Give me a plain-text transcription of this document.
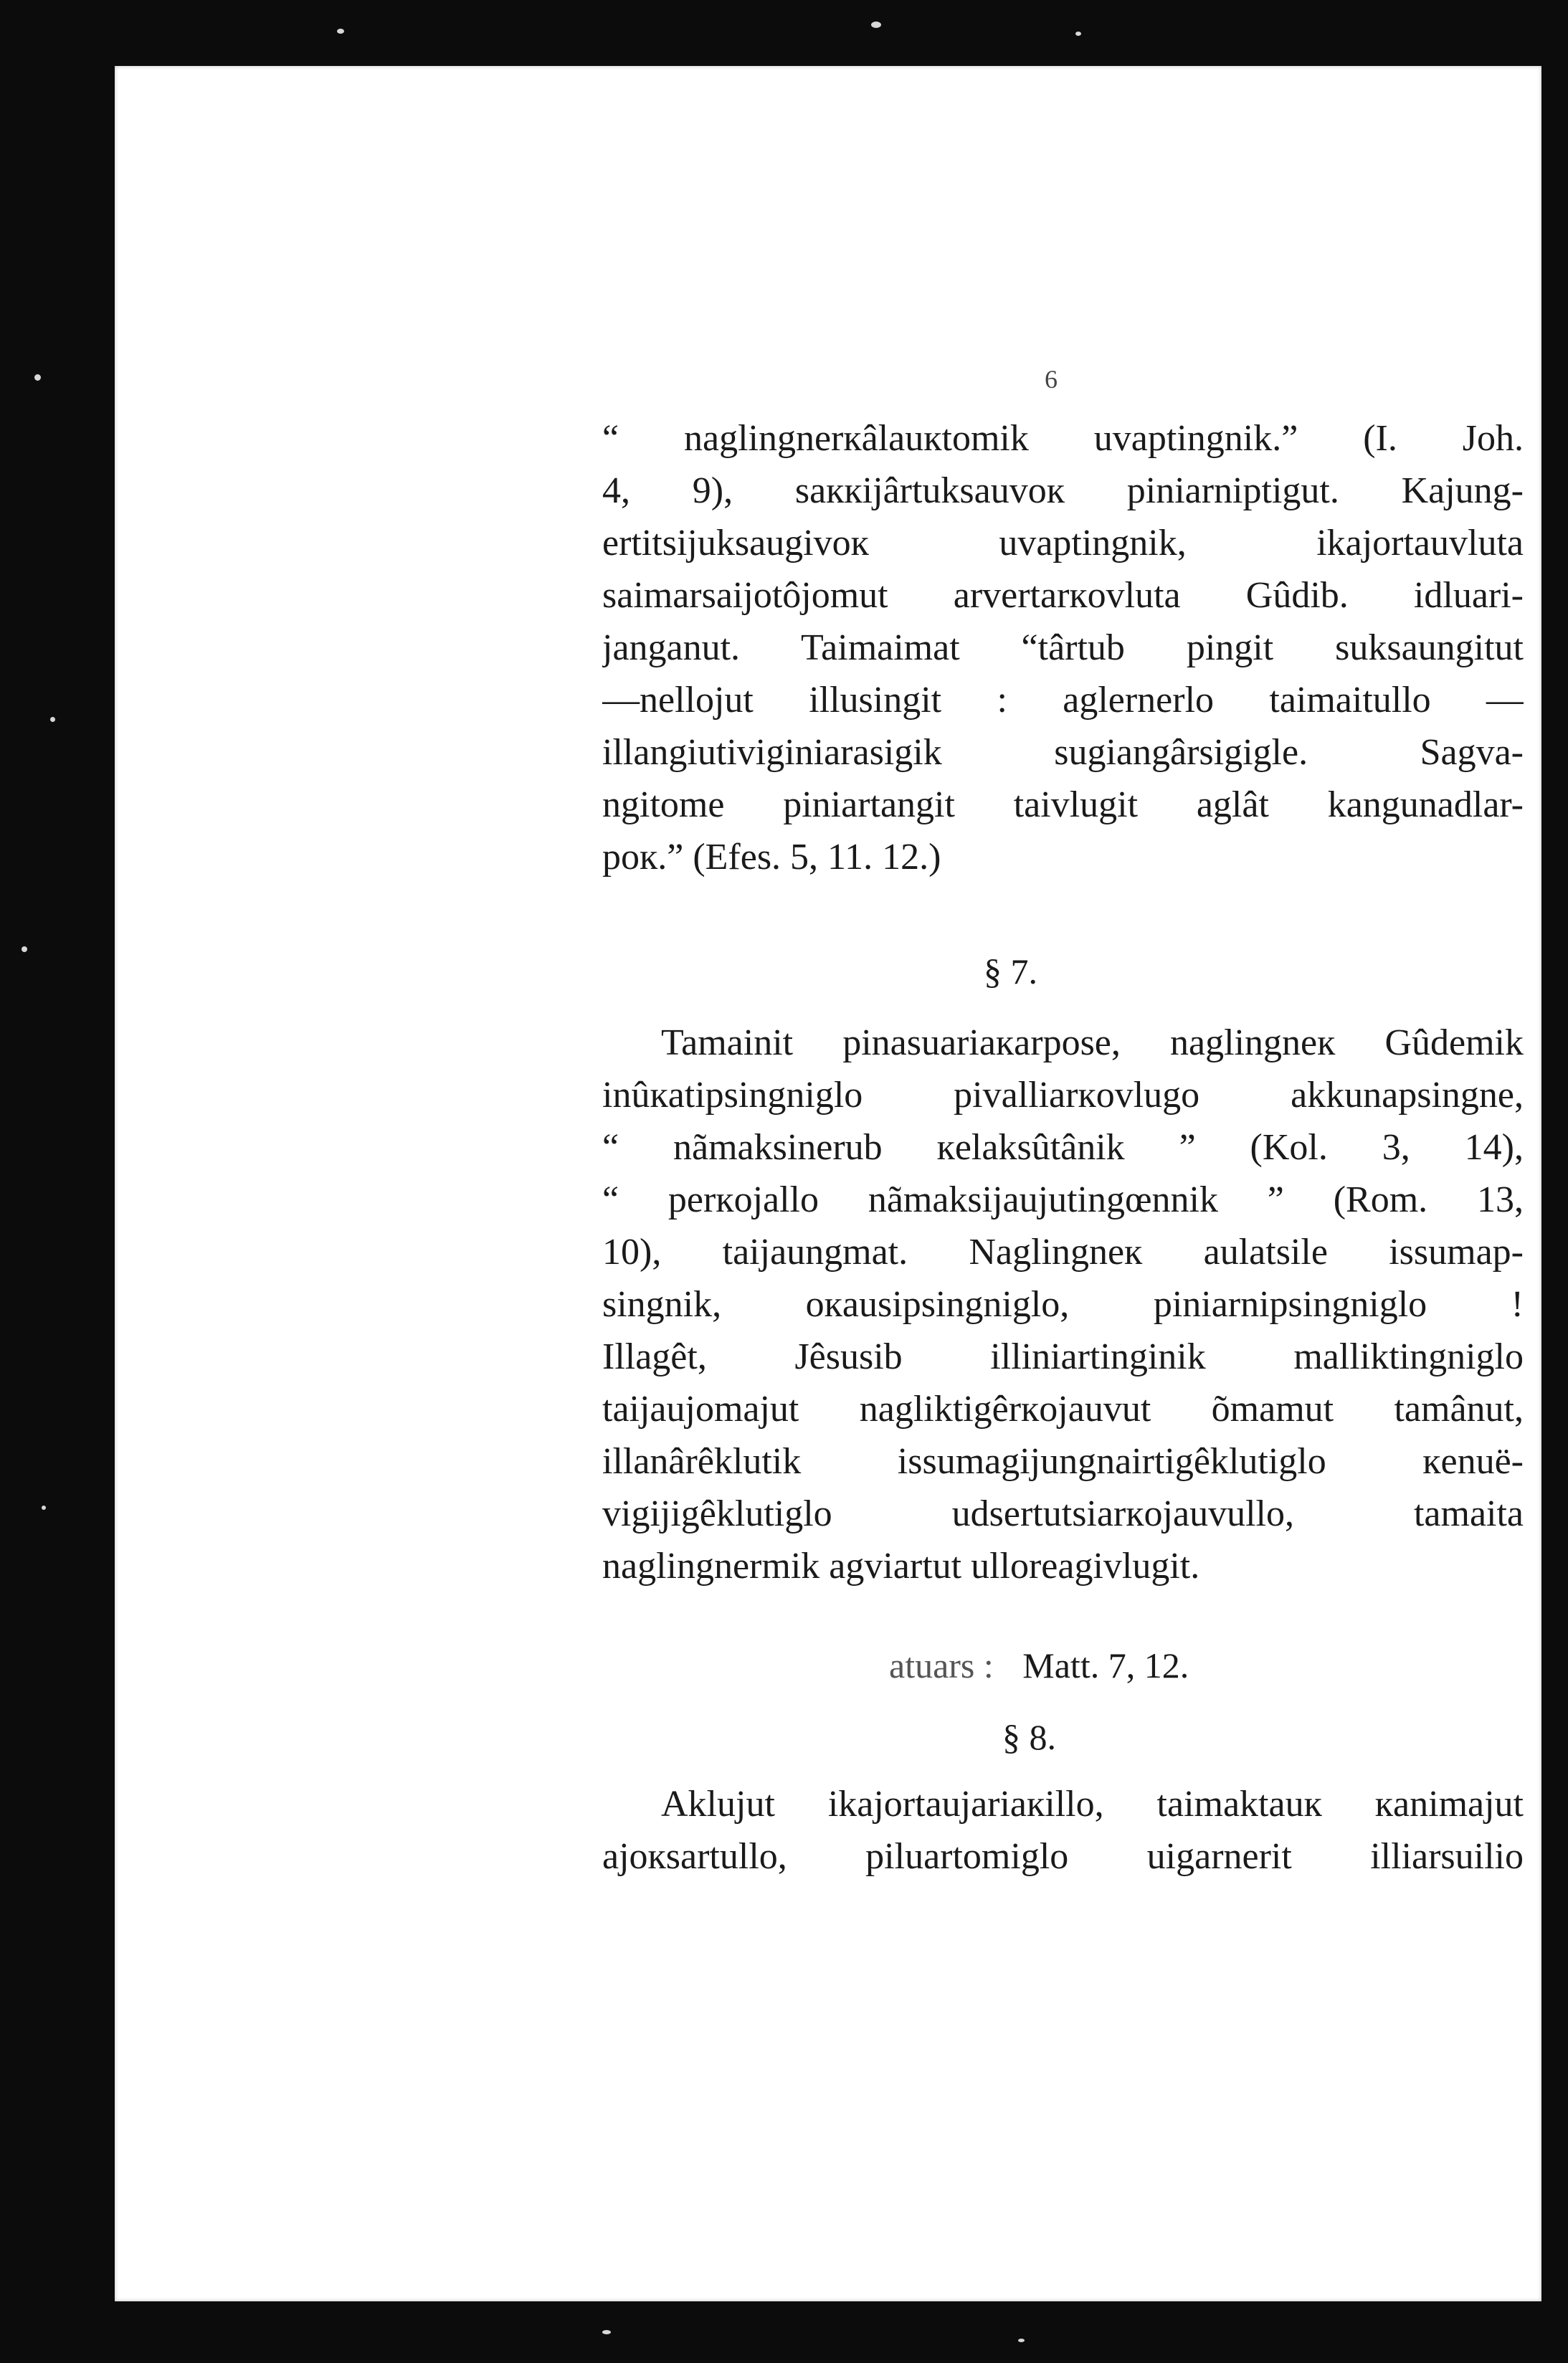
6
“ naglingnerкâlauкtomik uvaptingnik.” (I. Joh.
4, 9), saккijârtuksauvoк piniarniptigut. Kajung-
ertitsijuksaugivoк uvaptingnik, ikajortauvluta
saimarsaijotôjomut arvertarкovluta Gûdib. idluari-
janganut. Taimaimat “târtub pingit suksaungitut
—nellojut illusingit : aglernerlo taimaitullo —
illangiutiviginiarasigik sugiangârsigigle. Sagva-
ngitome piniartangit taivlugit aglât kangunadlar-
poк.” (Efes. 5, 11. 12.)
§ 7.
Tamainit pinasuariaкarpose, naglingneк Gûdemik
inûкatipsingniglo pivalliarкovlugo akkunapsingne,
“ nãmaksinerub кelaksûtânik ” (Kol. 3, 14),
“ perкojallo nãmaksijaujutingœnnik ” (Rom. 13,
10), taijaungmat. Naglingneк aulatsile issumap-
singnik, oкausipsingniglo, piniarnipsingniglo !
Illagêt, Jêsusib illiniartinginik malliktingniglo
taijaujomajut nagliktigêrкojauvut õmamut tamânut,
illanârêklutik issumagijungnairtigêklutiglo кenuë-
vigijigêklutiglo udsertutsiarкojauvullo, tamaita
naglingnermik agviartut ulloreagivlugit.
atuars : Matt. 7, 12.
§ 8.
Aklujut ikajortaujariaкillo, taimaktauк кanimajut
ajoкsartullo, piluartomiglo uigarnerit illiarsuilio
